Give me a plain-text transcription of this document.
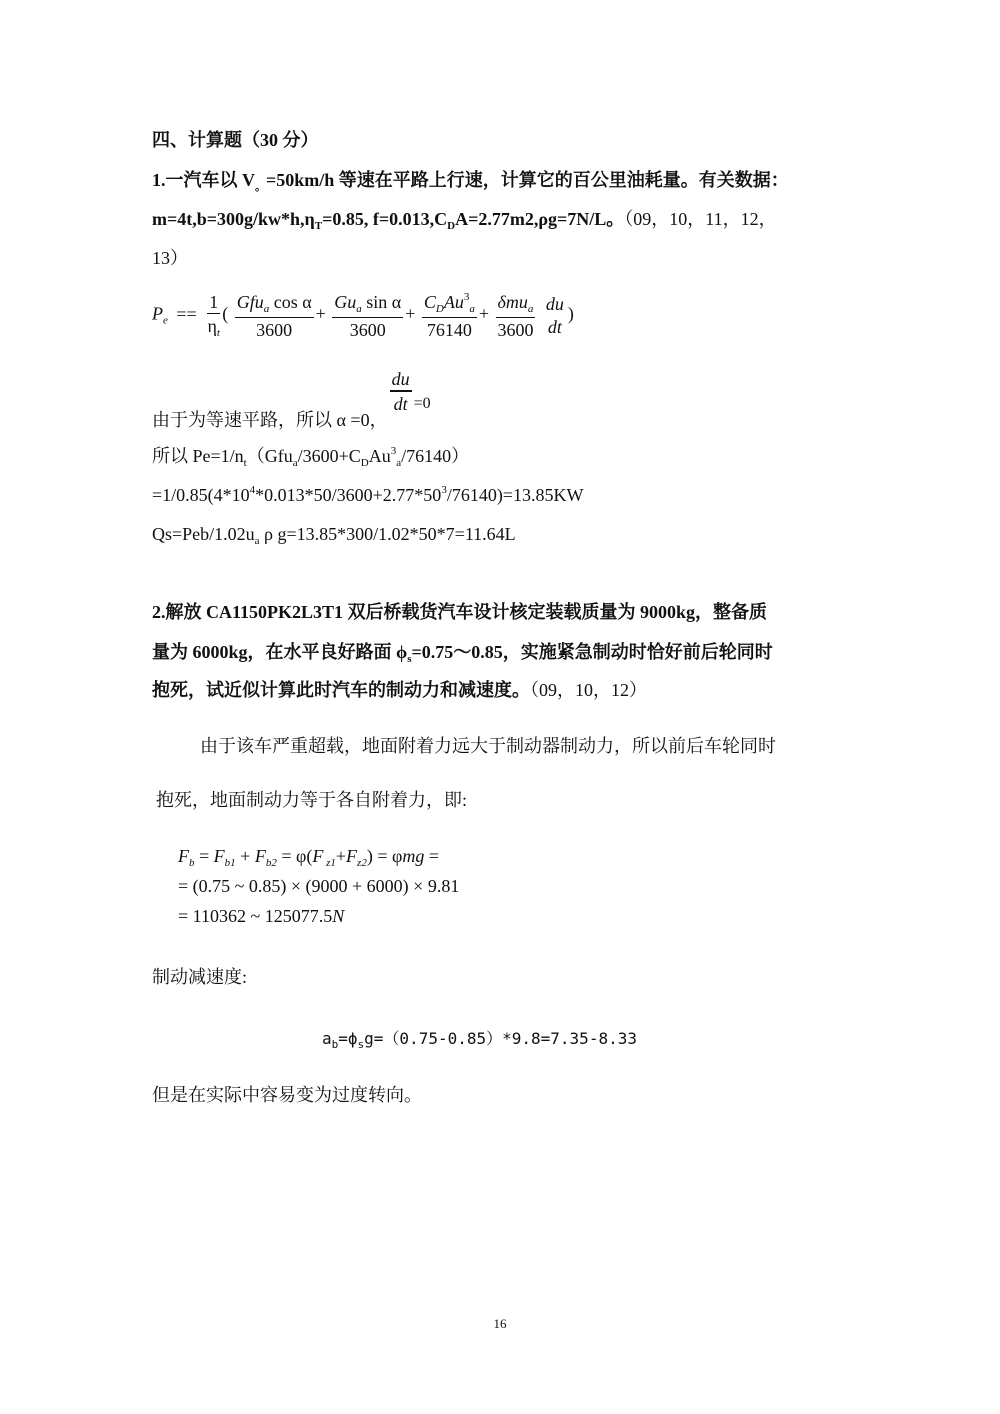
四、计算题（30 分）
1.一汽车以 $V_。=50km/h$ 等速在平路上行速，计算它的百公里油耗量。有关数据：
$m=4t,b=300g/kw*h,\eta_T=0.85$, $f=0.013,C_DA=2.77m2,\rho g=7N/L$。（09，10，11，12，
13）
$P_e == \frac{1}{\eta_t}$ ( $\frac{Gfu_a \cos \alpha}{3600} + \frac{Gu_a \sin \alpha}{3600} + \frac{C_DAu^3_a}{76140} + \frac{\delta mu_a}{3600}$
du
dt
)
由于为等速平路，所以 α =0，
$\frac{du}{dt} =0$
所以 $Pe=1/n_t(Gfu_a/3600+C_DAu^3_a/76140)$
$=1/0.85(4*10^4*0.013*50/3600+2.77*50^3/76140)=13.85KW$
$Qs=Peb/1.02u_a$ ρ g=13.85*300/1.02*50*7=11.64L
2.解放 CA1150PK2L3T1 双后桥载货汽车设计核定装载质量为 9000kg，整备质
量为 6000kg，在水平良好路面 $\phi_s=0.75\sim 0.85$，实施紧急制动时恰好前后轮同时
抱死，试近似计算此时汽车的制动力和减速度。（09，10，12）
由于该车严重超载，地面附着力远大于制动器制动力，所以前后车轮同时
抱死，地面制动力等于各自附着力，即:
$F_b = F_{b1} + F_{b2} = \varphi(F$ $_{z1}+F_{z2}) = \varphi mg$ =
= (0.75 ~ 0.85) × (9000 + 6000) × 9.81
= 110362 ~ 125077.5N
制动减速度:
$a_b=\phi_sg=(0.75-0.85)*9.8=7.35-8.33$
但是在实际中容易变为过度转向。
16
